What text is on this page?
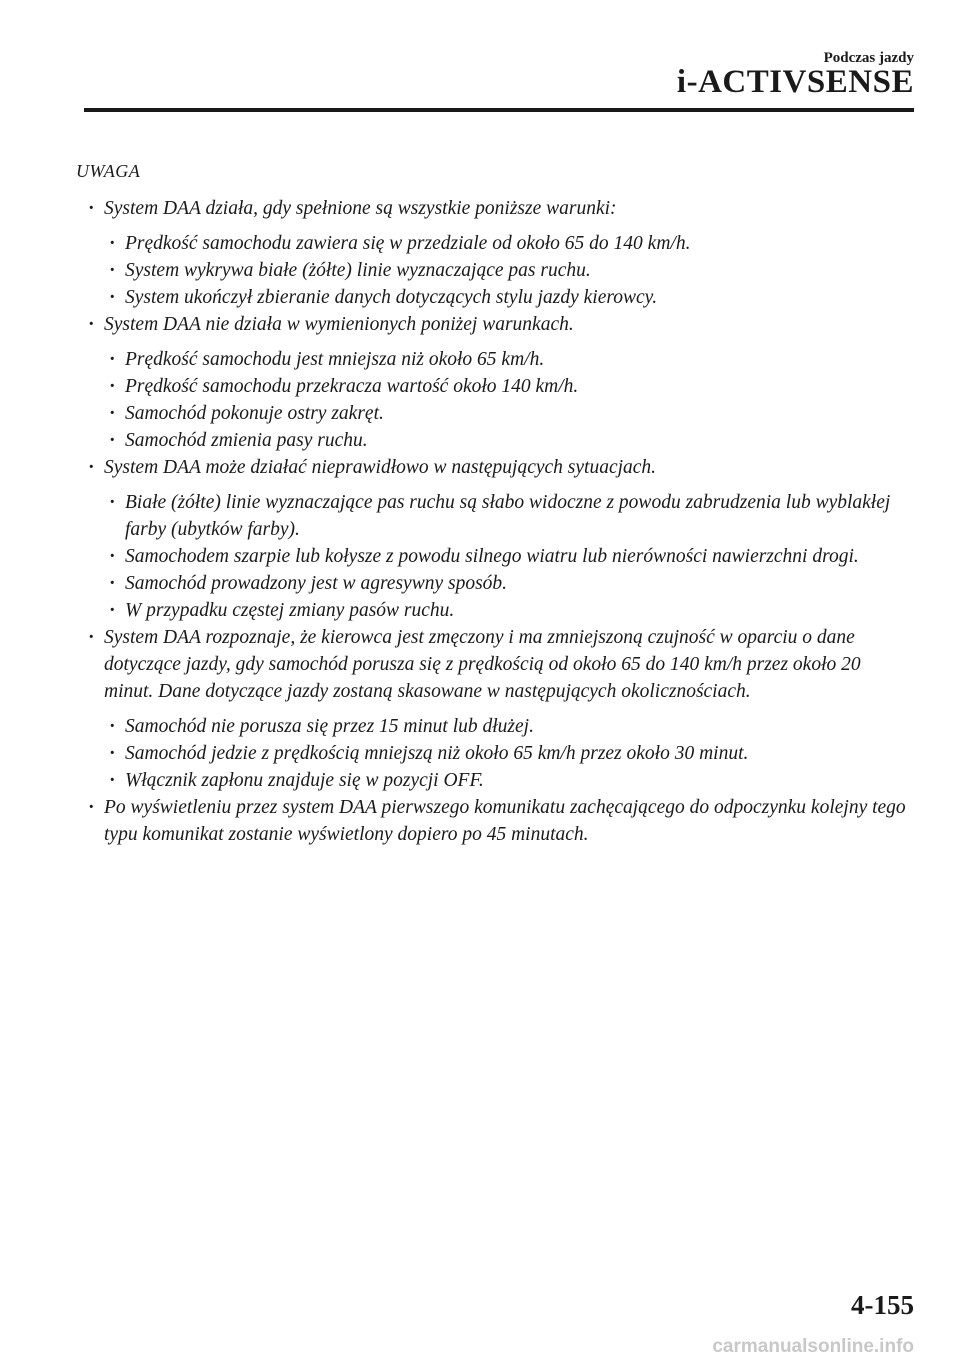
Podczas jazdy
i-ACTIVSENSE
UWAGA
· System DAA działa, gdy spełnione są wszystkie poniższe warunki:
· Prędkość samochodu zawiera się w przedziale od około 65 do 140 km/h.
· System wykrywa białe (żółte) linie wyznaczające pas ruchu.
· System ukończył zbieranie danych dotyczących stylu jazdy kierowcy.
· System DAA nie działa w wymienionych poniżej warunkach.
· Prędkość samochodu jest mniejsza niż około 65 km/h.
· Prędkość samochodu przekracza wartość około 140 km/h.
· Samochód pokonuje ostry zakręt.
· Samochód zmienia pasy ruchu.
· System DAA może działać nieprawidłowo w następujących sytuacjach.
· Białe (żółte) linie wyznaczające pas ruchu są słabo widoczne z powodu zabrudzenia lub wyblakłej farby (ubytków farby).
· Samochodem szarpie lub kołysze z powodu silnego wiatru lub nierówności nawierzchni drogi.
· Samochód prowadzony jest w agresywny sposób.
· W przypadku częstej zmiany pasów ruchu.
· System DAA rozpoznaje, że kierowca jest zmęczony i ma zmniejszoną czujność w oparciu o dane dotyczące jazdy, gdy samochód porusza się z prędkością od około 65 do 140 km/h przez około 20 minut. Dane dotyczące jazdy zostaną skasowane w następujących okolicznościach.
· Samochód nie porusza się przez 15 minut lub dłużej.
· Samochód jedzie z prędkością mniejszą niż około 65 km/h przez około 30 minut.
· Włącznik zapłonu znajduje się w pozycji OFF.
· Po wyświetleniu przez system DAA pierwszego komunikatu zachęcającego do odpoczynku kolejny tego typu komunikat zostanie wyświetlony dopiero po 45 minutach.
4-155
carmanualsonline.info
